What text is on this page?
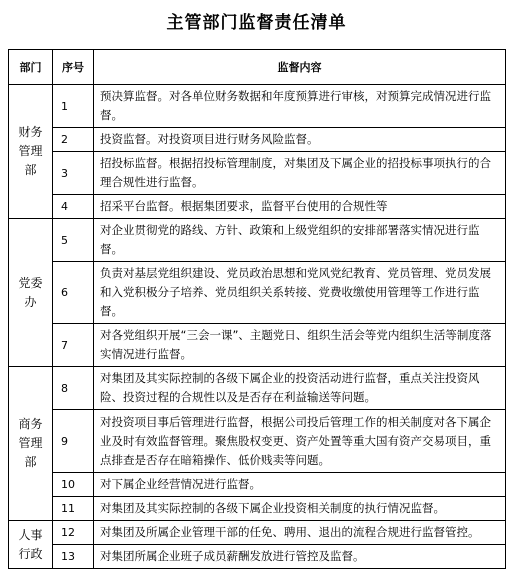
主管部门监督责任清单
部门	序号	监督内容

财务管理部	1	预决算监督。对各单位财务数据和年度预算进行审核，对预算完成情况进行监督。

	2	投资监督。对投资项目进行财务风险监督。

	3	招投标监督。根据招投标管理制度，对集团及下属企业的招投标事项执行的合理合规性进行监督。

	4	招采平台监督。根据集团要求，监督平台使用的合规性等

党委办	5	对企业贯彻党的路线、方针、政策和上级党组织的安排部署落实情况进行监督。

	6	负责对基层党组织建设、党员政治思想和党风党纪教育、党员管理、党员发展和入党积极分子培养、党员组织关系转接、党费收缴使用管理等工作进行监督。

	7	对各党组织开展“三会一课”、主题党日、组织生活会等党内组织生活等制度落实情况进行监督。

商务管理部	8	对集团及其实际控制的各级下属企业的投资活动进行监督，重点关注投资风险、投资过程的合规性以及是否存在利益输送等问题。

	9	对投资项目事后管理进行监督，根据公司投后管理工作的相关制度对各下属企业及时有效监督管理。聚焦股权变更、资产处置等重大国有资产交易项目，重点排查是否存在暗箱操作、低价贱卖等问题。

	10	对下属企业经营情况进行监督。

	11	对集团及其实际控制的各级下属企业投资相关制度的执行情况监督。

人事行政	12	对集团及所属企业管理干部的任免、聘用、退出的流程合规进行监督管控。

	13	对集团所属企业班子成员薪酬发放进行管控及监督。
